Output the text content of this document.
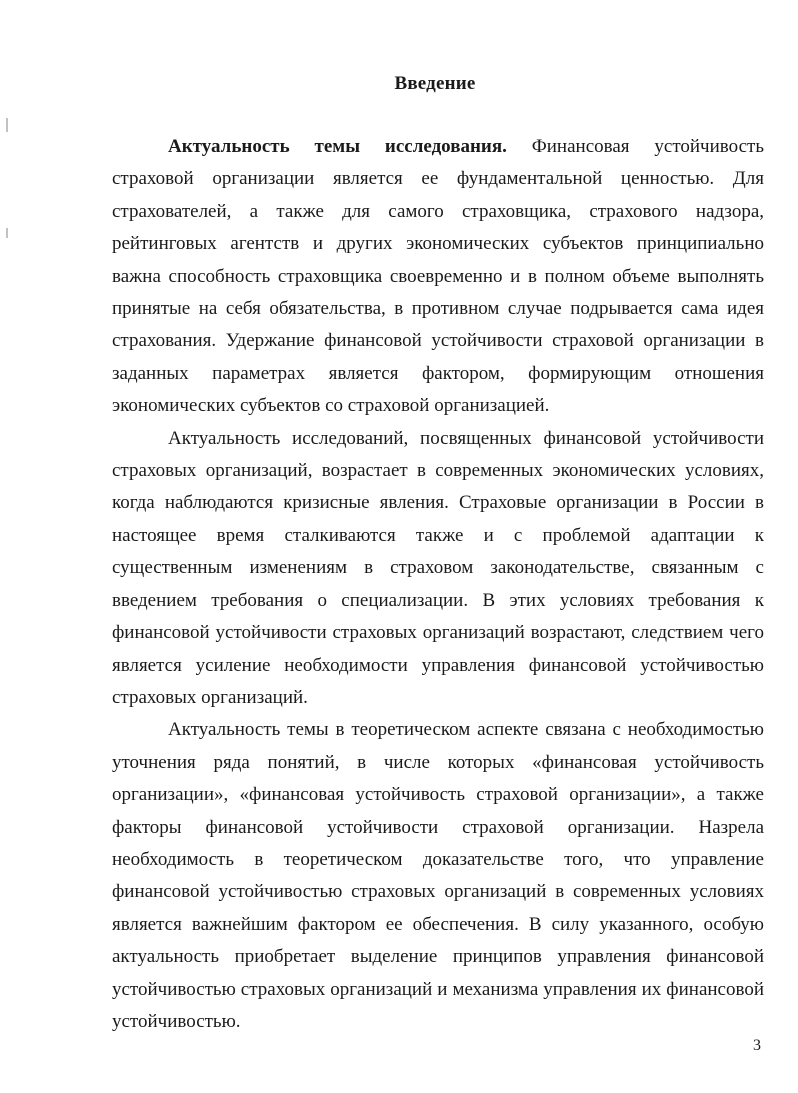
Введение

Актуальность темы исследования. Финансовая устойчивость страховой организации является ее фундаментальной ценностью. Для страхователей, а также для самого страховщика, страхового надзора, рейтинговых агентств и других экономических субъектов принципиально важна способность страховщика своевременно и в полном объеме выполнять принятые на себя обязательства, в противном случае подрывается сама идея страхования. Удержание финансовой устойчивости страховой организации в заданных параметрах является фактором, формирующим отношения экономических субъектов со страховой организацией.

Актуальность исследований, посвященных финансовой устойчивости страховых организаций, возрастает в современных экономических условиях, когда наблюдаются кризисные явления. Страховые организации в России в настоящее время сталкиваются также и с проблемой адаптации к существенным изменениям в страховом законодательстве, связанным с введением требования о специализации. В этих условиях требования к финансовой устойчивости страховых организаций возрастают, следствием чего является усиление необходимости управления финансовой устойчивостью страховых организаций.

Актуальность темы в теоретическом аспекте связана с необходимостью уточнения ряда понятий, в числе которых «финансовая устойчивость организации», «финансовая устойчивость страховой организации», а также факторы финансовой устойчивости страховой организации. Назрела необходимость в теоретическом доказательстве того, что управление финансовой устойчивостью страховых организаций в современных условиях является важнейшим фактором ее обеспечения. В силу указанного, особую актуальность приобретает выделение принципов управления финансовой устойчивостью страховых организаций и механизма управления их финансовой устойчивостью.

3
